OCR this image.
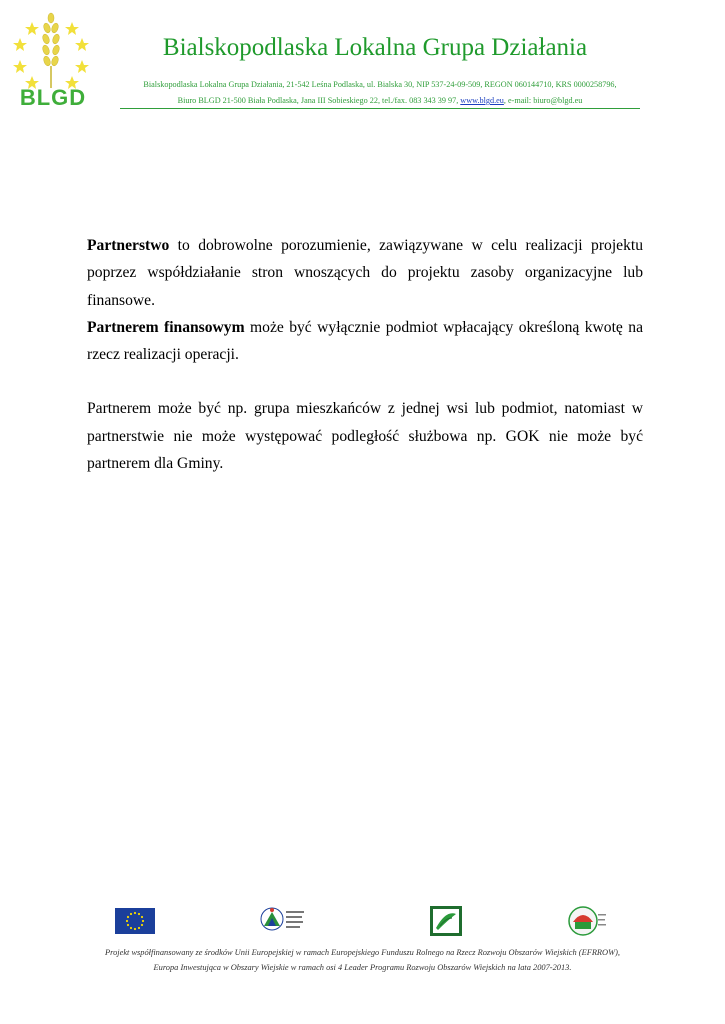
BLGD
Bialskopodlaska Lokalna Grupa Działania
Bialskopodlaska Lokalna Grupa Działania, 21-542 Leśna Podlaska, ul. Bialska 30, NIP 537-24-09-509, REGON 060144710, KRS 0000258796,
Biuro BLGD 21-500 Biała Podlaska, Jana III Sobieskiego 22, tel./fax. 083 343 39 97, www.blgd.eu, e-mail: biuro@blgd.eu

Partnerstwo to dobrowolne porozumienie, zawiązywane w celu realizacji projektu poprzez współdziałanie stron wnoszących do projektu zasoby organizacyjne lub finansowe.

Partnerem finansowym może być wyłącznie podmiot wpłacający określoną kwotę na rzecz realizacji operacji.

Partnerem może być np. grupa mieszkańców z jednej wsi lub podmiot, natomiast w partnerstwie nie może występować podległość służbowa np. GOK nie może być partnerem dla Gminy.

Projekt współfinansowany ze środków Unii Europejskiej w ramach Europejskiego Funduszu Rolnego na Rzecz Rozwoju Obszarów Wiejskich (EFRROW),
Europa Inwestująca w Obszary Wiejskie w ramach osi 4 Leader Programu Rozwoju Obszarów Wiejskich na lata 2007-2013.
